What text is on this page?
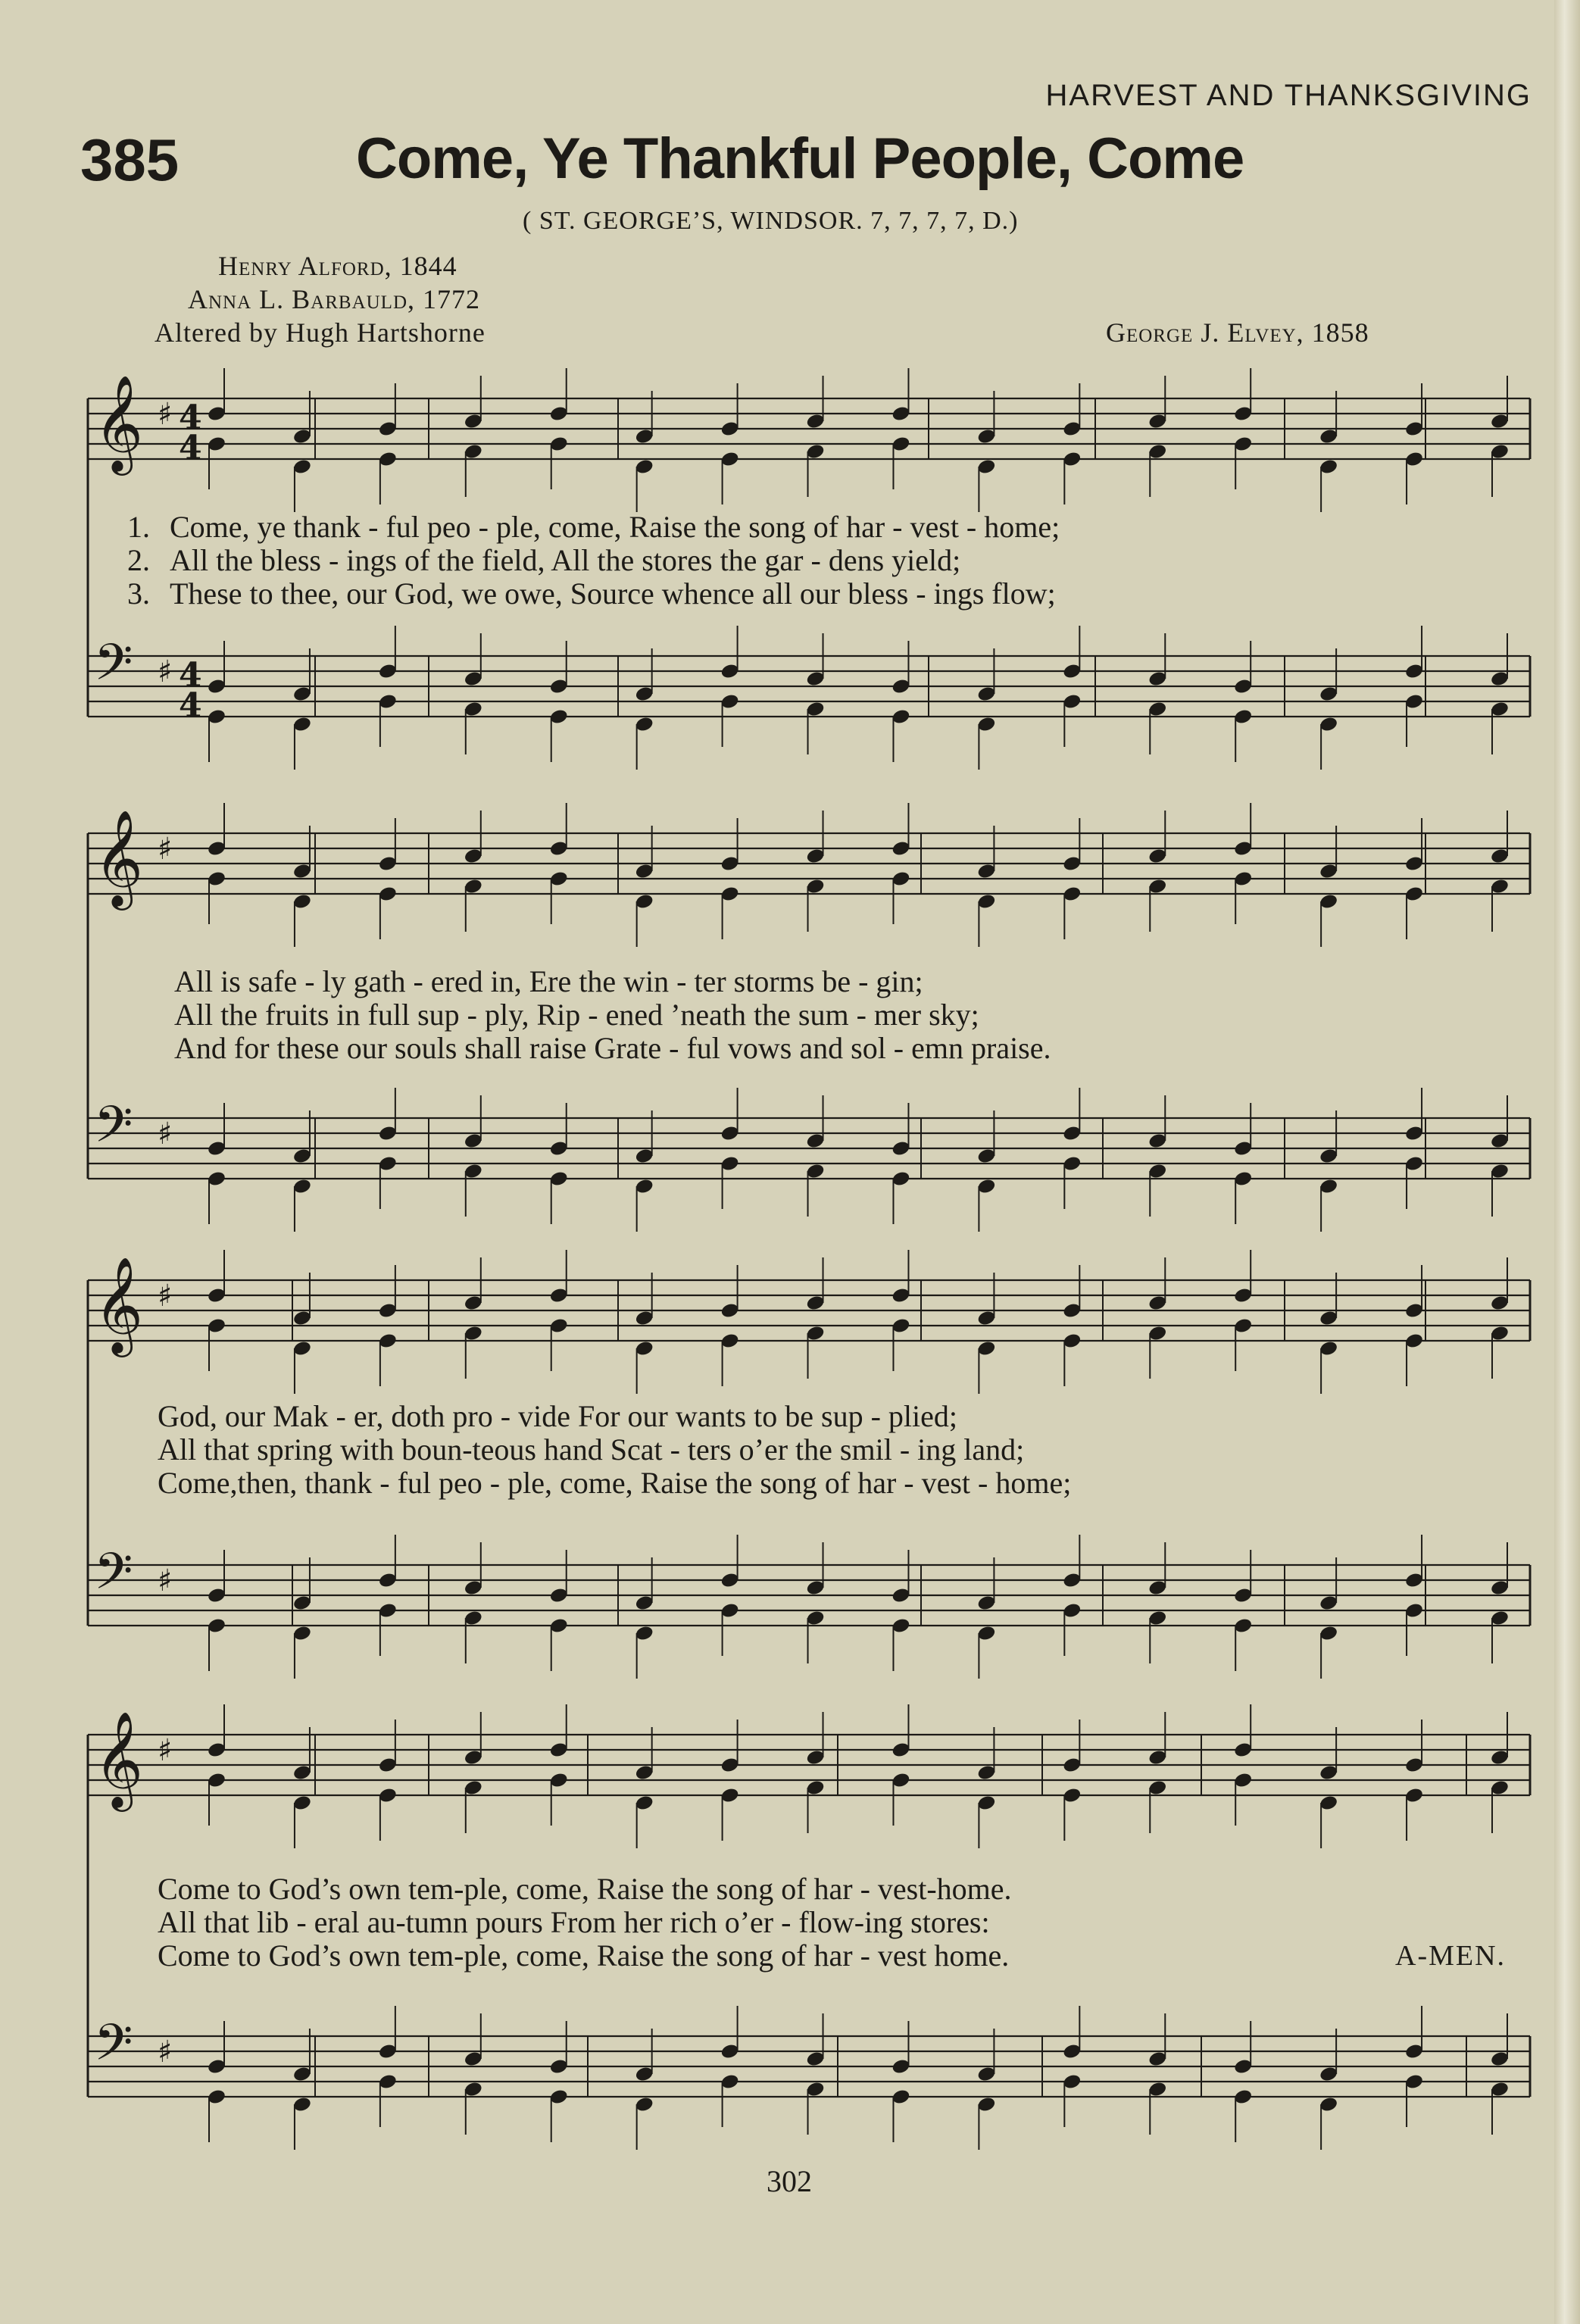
HARVEST AND THANKSGIVING
385	Come, Ye Thankful People, Come
( ST. GEORGE’S, WINDSOR. 7, 7, 7, 7, D.)
Henry Alford, 1844
Anna L. Barbauld, 1772
Altered by Hugh Hartshorne	George J. Elvey, 1858
𝄞 ♯ 4
4
𝄢 ♯ 4
4
𝄞 ♯
𝄢 ♯
𝄞 ♯
𝄢 ♯
𝄞 ♯
𝄢 ♯
1. Come, ye thank - ful peo - ple, come, Raise the song of har - vest - home;
2. All the bless - ings of the field, All the stores the gar - dens yield;
3. These to thee, our God, we owe, Source whence all our bless - ings flow;
All is safe - ly gath - ered in, Ere the win - ter storms be - gin;
All the fruits in full sup - ply, Rip - ened ’neath the sum - mer sky;
And for these our souls shall raise Grate - ful vows and sol - emn praise.
God, our Mak - er, doth pro - vide For our wants to be sup - plied;
All that spring with boun-teous hand Scat - ters o’er the smil - ing land;
Come,then, thank - ful peo - ple, come, Raise the song of har - vest - home;
Come to God’s own tem-ple, come, Raise the song of har - vest-home.
All that lib - eral au-tumn pours From her rich o’er - flow-ing stores:
Come to God’s own tem-ple, come, Raise the song of har - vest home.	A-MEN.
302
